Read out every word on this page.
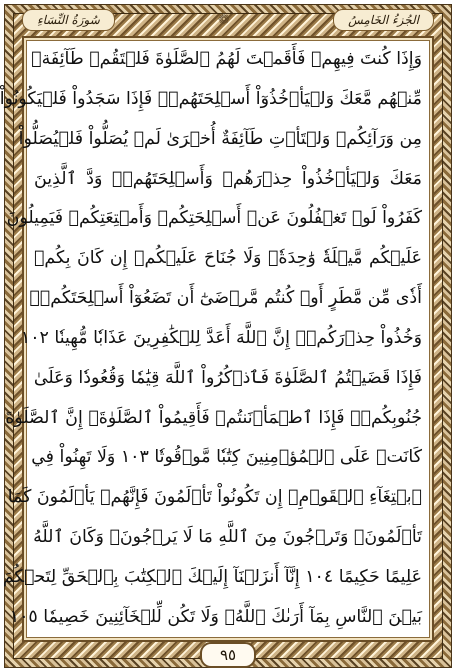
الجُزءُ الخَامِسُ
❁
سُورَةُ النِّسَاءِ
وَإِذَا كُنتَ فِيهِمۡ فَأَقَمۡتَ لَهُمُ ٱلصَّلَوٰةَ فَلۡتَقُمۡ طَآئِفَةٞ
مِّنۡهُم مَّعَكَ وَلۡيَأۡخُذُوٓاْ أَسۡلِحَتَهُمۡۖ فَإِذَا سَجَدُواْ فَلۡيَكُونُواْ
مِن وَرَآئِكُمۡ وَلۡتَأۡتِ طَآئِفَةٌ أُخۡرَىٰ لَمۡ يُصَلُّواْ فَلۡيُصَلُّواْ
مَعَكَ وَلۡيَأۡخُذُواْ حِذۡرَهُمۡ وَأَسۡلِحَتَهُمۡۗ وَدَّ ٱلَّذِينَ
كَفَرُواْ لَوۡ تَغۡفُلُونَ عَنۡ أَسۡلِحَتِكُمۡ وَأَمۡتِعَتِكُمۡ فَيَمِيلُونَ
عَلَيۡكُم مَّيۡلَةٗ وَٰحِدَةٗۚ وَلَا جُنَاحَ عَلَيۡكُمۡ إِن كَانَ بِكُمۡ
أَذٗى مِّن مَّطَرٍ أَوۡ كُنتُم مَّرۡضَىٰٓ أَن تَضَعُوٓاْ أَسۡلِحَتَكُمۡۖ
وَخُذُواْ حِذۡرَكُمۡۗ إِنَّ ٱللَّهَ أَعَدَّ لِلۡكَٰفِرِينَ عَذَابٗا مُّهِينٗا ١٠٢
فَإِذَا قَضَيۡتُمُ ٱلصَّلَوٰةَ فَٱذۡكُرُواْ ٱللَّهَ قِيَٰمٗا وَقُعُودٗا وَعَلَىٰ
جُنُوبِكُمۡۚ فَإِذَا ٱطۡمَأۡنَنتُمۡ فَأَقِيمُواْ ٱلصَّلَوٰةَۚ إِنَّ ٱلصَّلَوٰةَ
كَانَتۡ عَلَى ٱلۡمُؤۡمِنِينَ كِتَٰبٗا مَّوۡقُوتٗا ١٠٣ وَلَا تَهِنُواْ فِي
ٱبۡتِغَآءِ ٱلۡقَوۡمِۖ إِن تَكُونُواْ تَأۡلَمُونَ فَإِنَّهُمۡ يَأۡلَمُونَ كَمَا
تَأۡلَمُونَۖ وَتَرۡجُونَ مِنَ ٱللَّهِ مَا لَا يَرۡجُونَۗ وَكَانَ ٱللَّهُ
عَلِيمًا حَكِيمًا ١٠٤ إِنَّآ أَنزَلۡنَآ إِلَيۡكَ ٱلۡكِتَٰبَ بِٱلۡحَقِّ لِتَحۡكُمَ
بَيۡنَ ٱلنَّاسِ بِمَآ أَرَىٰكَ ٱللَّهُۚ وَلَا تَكُن لِّلۡخَآئِنِينَ خَصِيمٗا ١٠٥
٩٥
